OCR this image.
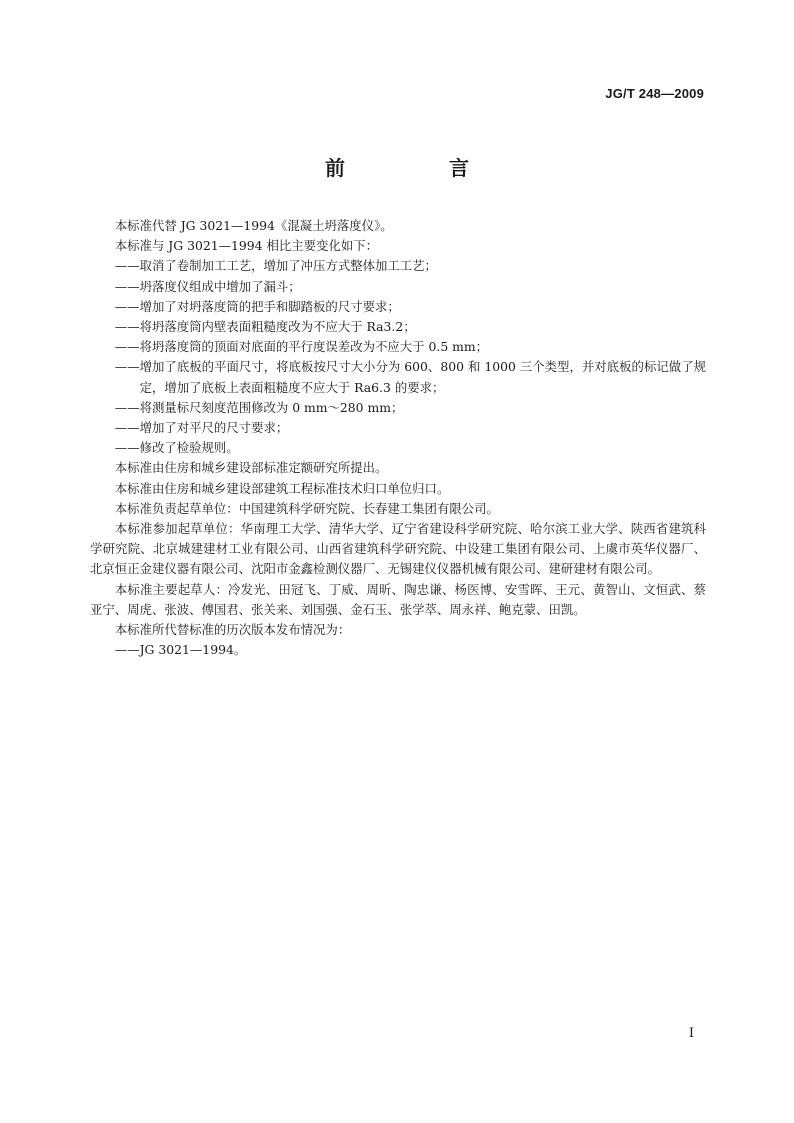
JG/T 248—2009
前　言

本标准代替 JG 3021—1994《混凝土坍落度仪》。

本标准与 JG 3021—1994 相比主要变化如下：

——取消了卷制加工工艺，增加了冲压方式整体加工工艺；

——坍落度仪组成中增加了漏斗；

——增加了对坍落度筒的把手和脚踏板的尺寸要求；

——将坍落度筒内壁表面粗糙度改为不应大于 Ra3.2；

——将坍落度筒的顶面对底面的平行度误差改为不应大于 0.5 mm；

——增加了底板的平面尺寸，将底板按尺寸大小分为 600、800 和 1000 三个类型，并对底板的标记做了规定，增加了底板上表面粗糙度不应大于 Ra6.3 的要求；

——将测量标尺刻度范围修改为 0 mm～280 mm；

——增加了对平尺的尺寸要求；

——修改了检验规则。

本标准由住房和城乡建设部标准定额研究所提出。

本标准由住房和城乡建设部建筑工程标准技术归口单位归口。

本标准负责起草单位：中国建筑科学研究院、长春建工集团有限公司。

本标准参加起草单位：华南理工大学、清华大学、辽宁省建设科学研究院、哈尔滨工业大学、陕西省建筑科学研究院、北京城建建材工业有限公司、山西省建筑科学研究院、中设建工集团有限公司、上虞市英华仪器厂、北京恒正金建仪器有限公司、沈阳市金鑫检测仪器厂、无锡建仪仪器机械有限公司、建研建材有限公司。

本标准主要起草人：冷发光、田冠飞、丁威、周昕、陶忠谦、杨医博、安雪晖、王元、黄智山、文恒武、蔡亚宁、周虎、张波、傅国君、张关来、刘国强、金石玉、张学萃、周永祥、鲍克蒙、田凯。

本标准所代替标准的历次版本发布情况为：

——JG 3021—1994。

I
